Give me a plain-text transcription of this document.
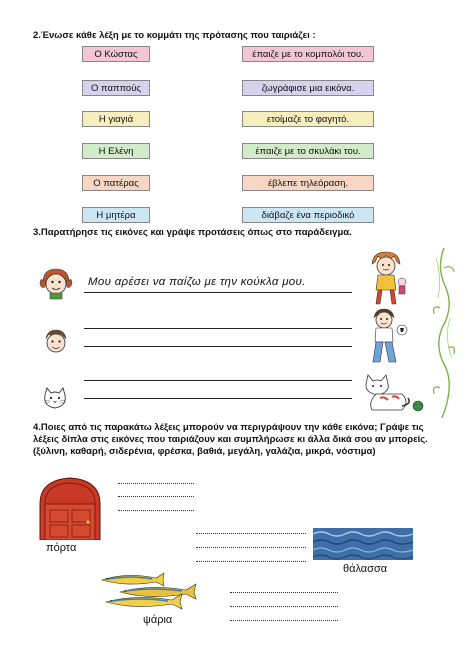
2.Ένωσε κάθε λέξη με το κομμάτι της πρότασης που ταιριάζει :
Ο Κώστας
Ο παππούς
Η γιαγιά
Η Ελένη
Ο πατέρας
Η μητέρα
έπαιζε με το κομπολόι του.
ζωγράφισε μια εικόνα.
ετοίμαζε το φαγητό.
έπαιζε με το σκυλάκι του.
έβλεπε τηλεόραση.
διάβαζε ένα περιοδικό
3.Παρατήρησε τις εικόνες και γράψε προτάσεις όπως στο παράδειγμα.
Μου αρέσει να παίζω με την κούκλα μου.
4.Ποιες από τις παρακάτω λέξεις μπορούν να περιγράψουν την κάθε εικόνα; Γράψε τις
λέξεις δίπλα στις εικόνες που ταιριάζουν και συμπλήρωσε κι άλλα δικά σου αν μπορείς.
(ξύλινη, καθαρή, σιδερένια, φρέσκα, βαθιά, μεγάλη, γαλάζια, μικρά, νόστιμα)
πόρτα
θάλασσα
ψάρια
